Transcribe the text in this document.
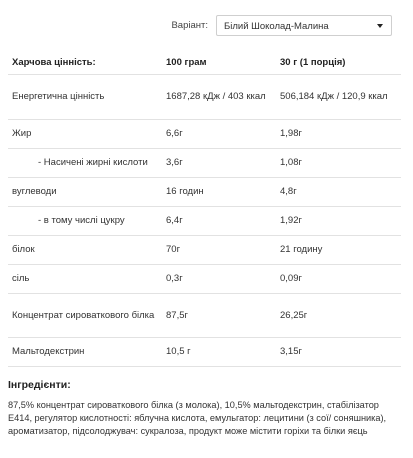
Варіант: Білий Шоколад-Малина
Харчова цінність:	100 грам	30 г (1 порція)
Енергетична цінність	1687,28 кДж / 403 ккал	506,184 кДж / 120,9 ккал
Жир	6,6г	1,98г
- Насичені жирні кислоти	3,6г	1,08г
вуглеводи	16 годин	4,8г
- в тому числі цукру	6,4г	1,92г
білок	70г	21 годину
сіль	0,3г	0,09г
Концентрат сироваткового білка	87,5г	26,25г
Мальтодекстрин	10,5 г	3,15г
Інгредієнти:
87,5% концентрат сироваткового білка (з молока), 10,5% мальтодекстрин, стабілізатор Е414, регулятор кислотності: яблучна кислота, емульгатор: лецитини (з сої/ соняшника), ароматизатор, підсолоджувач: сукралоза, продукт може містити горіхи та білки яєць
